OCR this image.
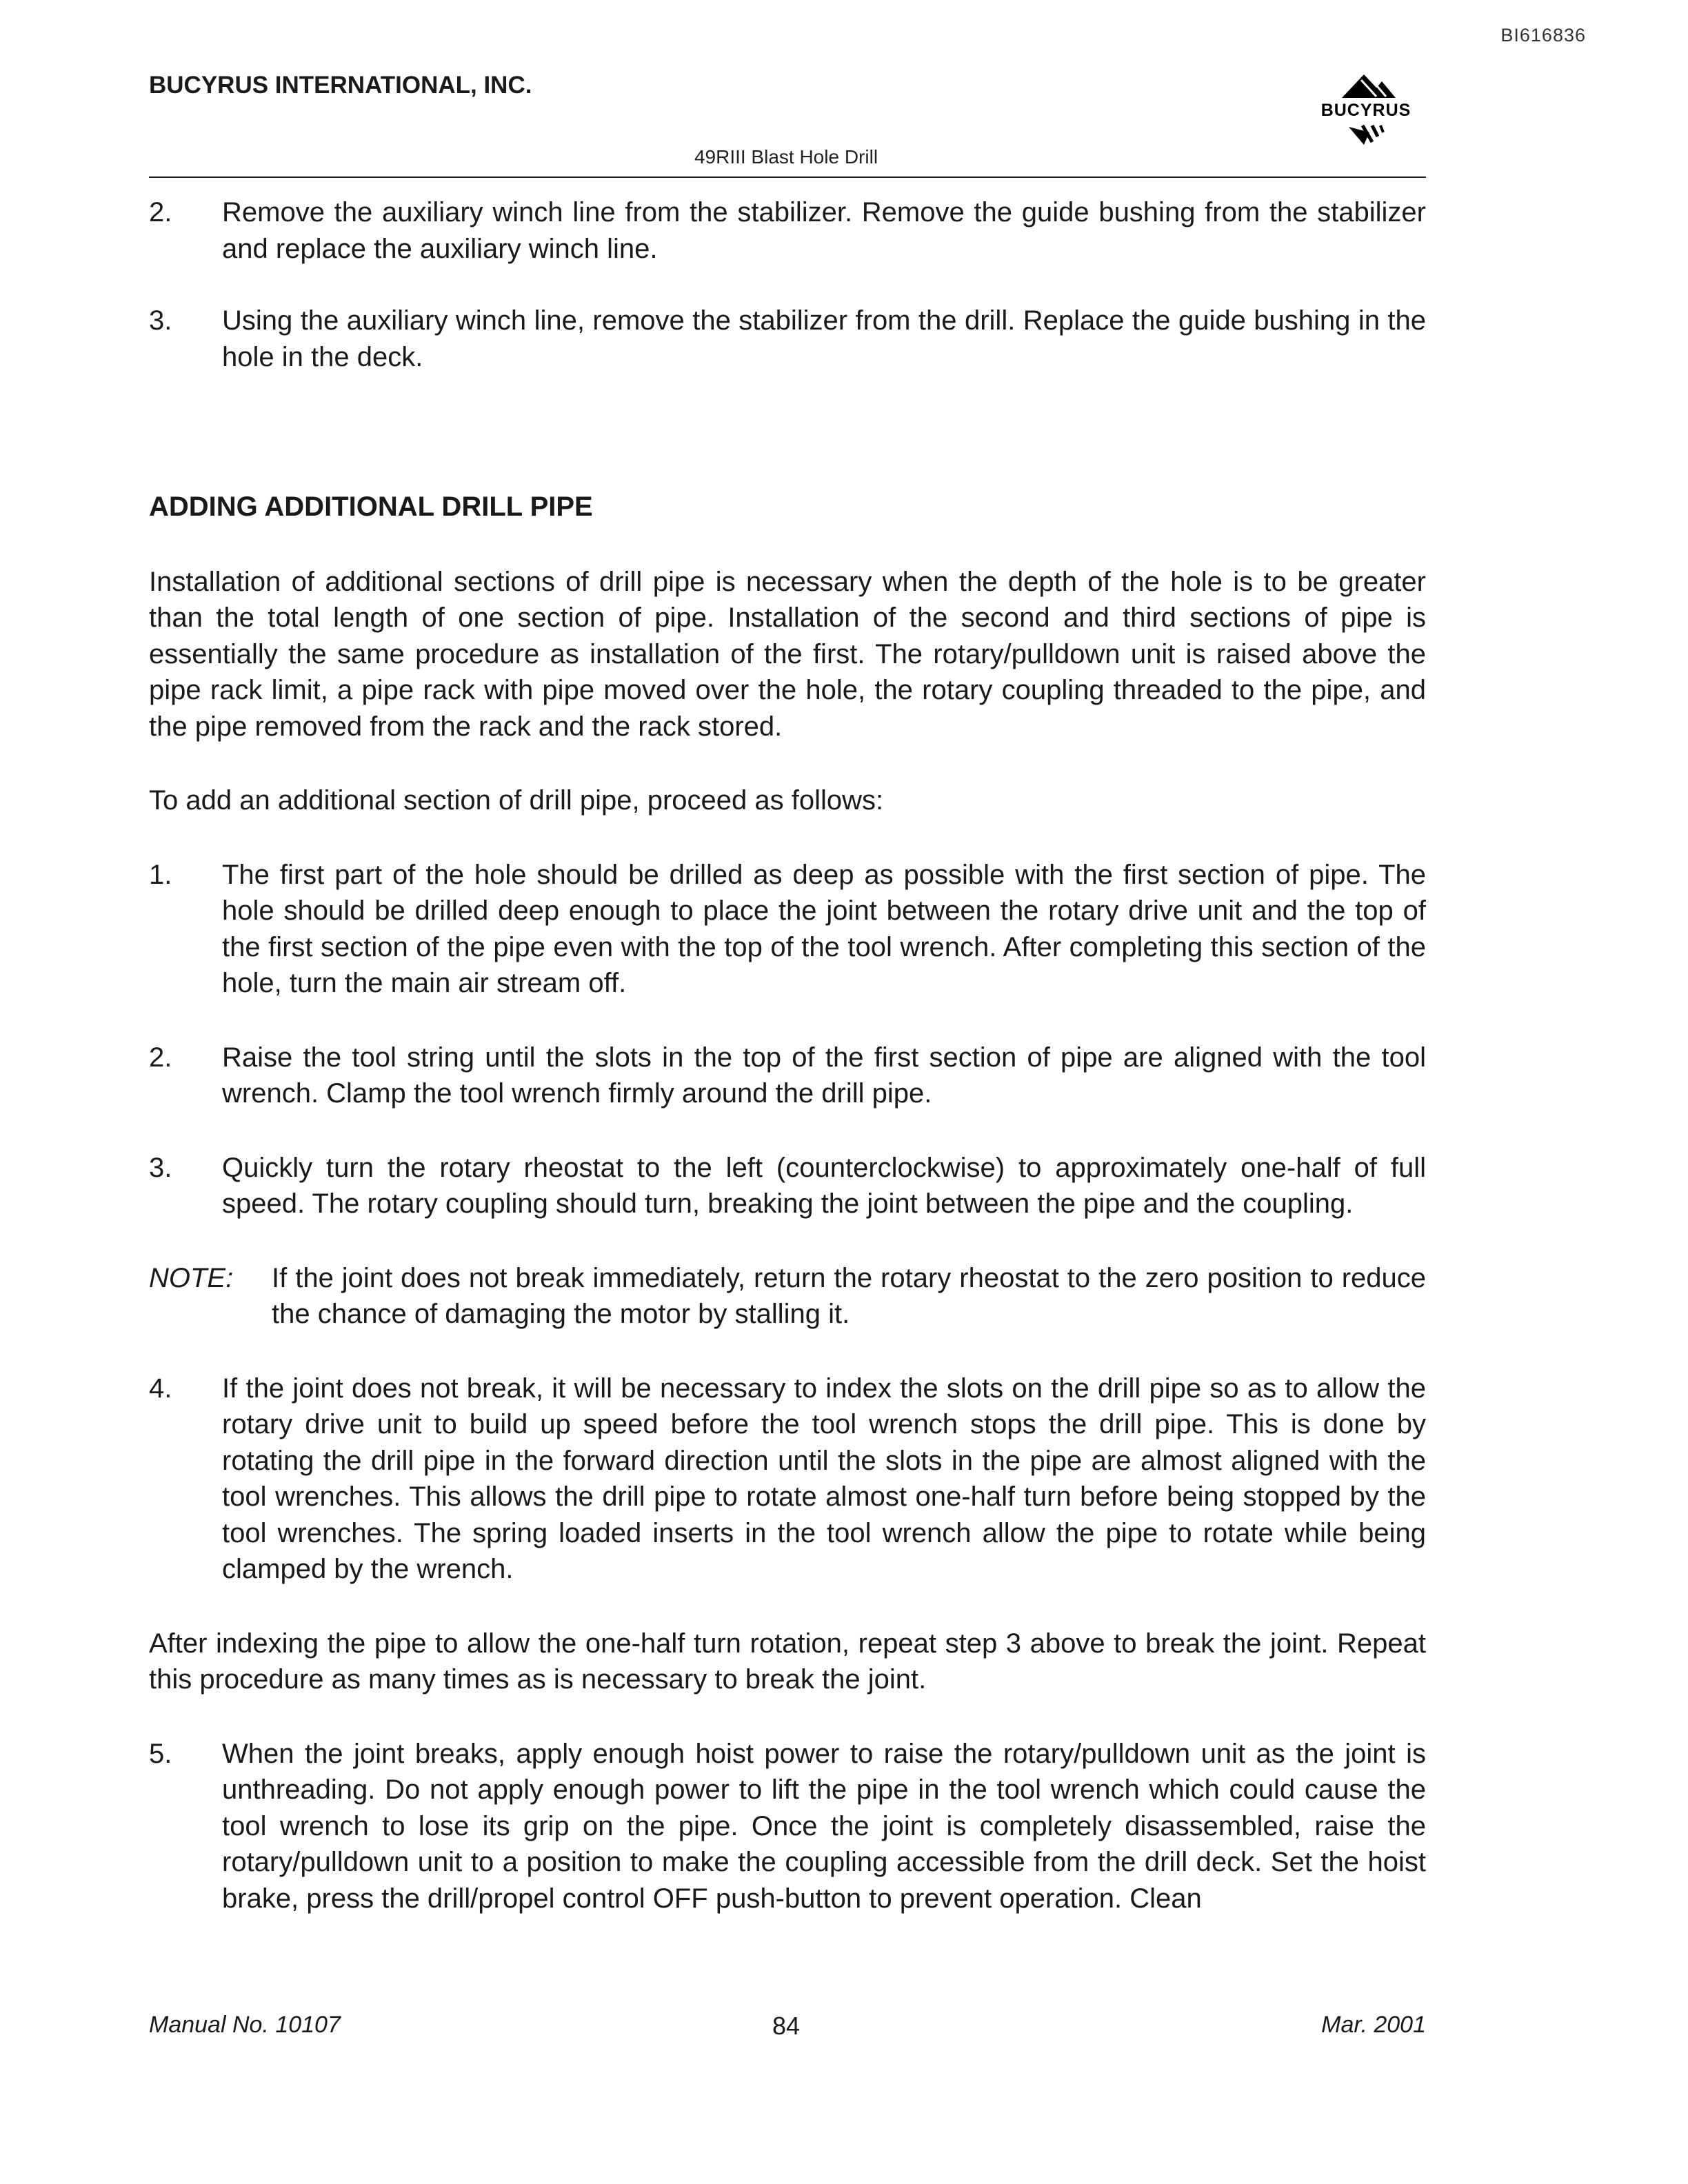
BI616836
BUCYRUS INTERNATIONAL, INC.
BUCYRUS
49RIII Blast Hole Drill
2. Remove the auxiliary winch line from the stabilizer. Remove the guide bushing from the stabilizer and replace the auxiliary winch line.
3. Using the auxiliary winch line, remove the stabilizer from the drill. Replace the guide bushing in the hole in the deck.
ADDING ADDITIONAL DRILL PIPE
Installation of additional sections of drill pipe is necessary when the depth of the hole is to be greater than the total length of one section of pipe. Installation of the second and third sections of pipe is essentially the same procedure as installation of the first. The rotary/pulldown unit is raised above the pipe rack limit, a pipe rack with pipe moved over the hole, the rotary coupling threaded to the pipe, and the pipe removed from the rack and the rack stored.
To add an additional section of drill pipe, proceed as follows:
1. The first part of the hole should be drilled as deep as possible with the first section of pipe. The hole should be drilled deep enough to place the joint between the rotary drive unit and the top of the first section of the pipe even with the top of the tool wrench. After completing this section of the hole, turn the main air stream off.
2. Raise the tool string until the slots in the top of the first section of pipe are aligned with the tool wrench. Clamp the tool wrench firmly around the drill pipe.
3. Quickly turn the rotary rheostat to the left (counterclockwise) to approximately one-half of full speed. The rotary coupling should turn, breaking the joint between the pipe and the coupling.
NOTE: If the joint does not break immediately, return the rotary rheostat to the zero position to reduce the chance of damaging the motor by stalling it.
4. If the joint does not break, it will be necessary to index the slots on the drill pipe so as to allow the rotary drive unit to build up speed before the tool wrench stops the drill pipe. This is done by rotating the drill pipe in the forward direction until the slots in the pipe are almost aligned with the tool wrenches. This allows the drill pipe to rotate almost one-half turn before being stopped by the tool wrenches. The spring loaded inserts in the tool wrench allow the pipe to rotate while being clamped by the wrench.
After indexing the pipe to allow the one-half turn rotation, repeat step 3 above to break the joint. Repeat this procedure as many times as is necessary to break the joint.
5. When the joint breaks, apply enough hoist power to raise the rotary/pulldown unit as the joint is unthreading. Do not apply enough power to lift the pipe in the tool wrench which could cause the tool wrench to lose its grip on the pipe. Once the joint is completely disassembled, raise the rotary/pulldown unit to a position to make the coupling accessible from the drill deck. Set the hoist brake, press the drill/propel control OFF push-button to prevent operation. Clean
Manual No. 10107	84	Mar. 2001
